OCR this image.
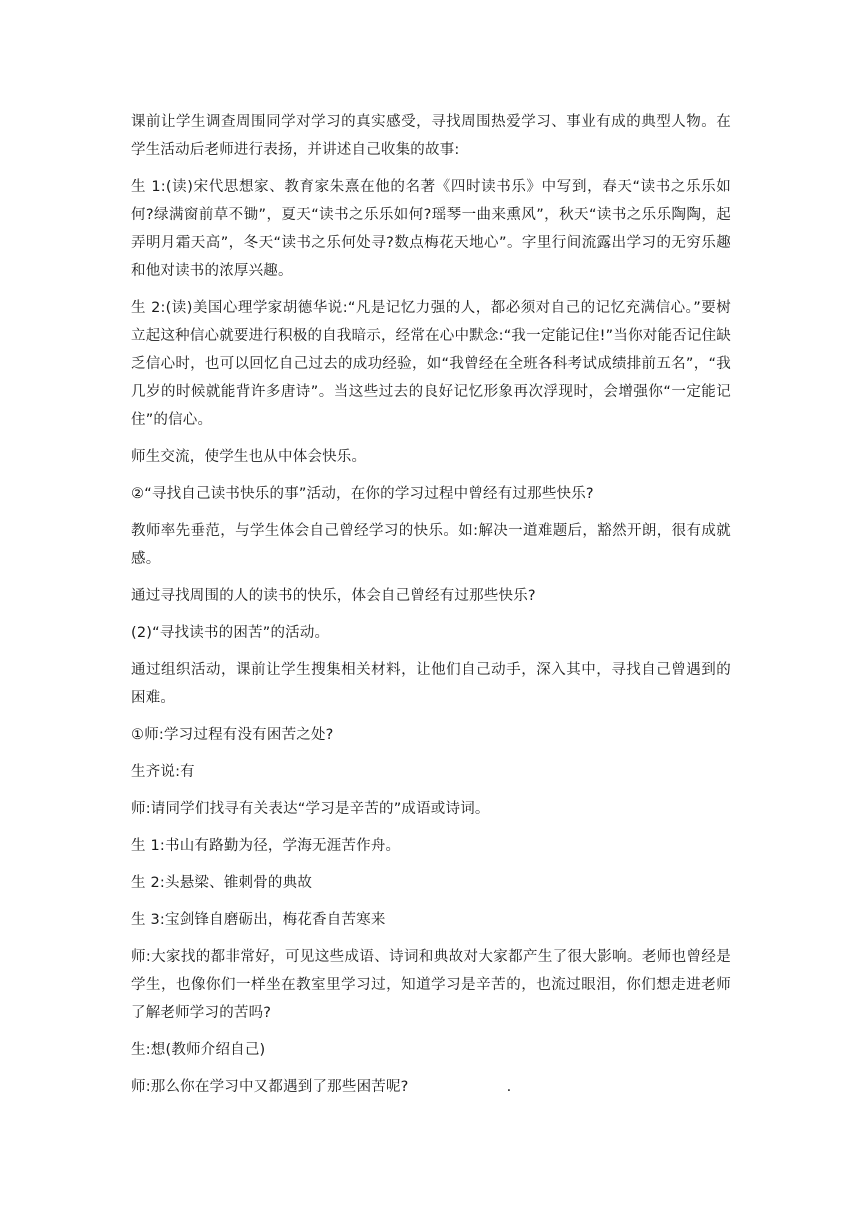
课前让学生调查周围同学对学习的真实感受，寻找周围热爱学习、事业有成的典型人物。在学生活动后老师进行表扬，并讲述自己收集的故事:

生 1:(读)宋代思想家、教育家朱熹在他的名著《四时读书乐》中写到，春天“读书之乐乐如何?绿满窗前草不锄”，夏天“读书之乐乐如何?瑶琴一曲来熏风”，秋天“读书之乐乐陶陶，起弄明月霜天高”，冬天“读书之乐何处寻?数点梅花天地心”。字里行间流露出学习的无穷乐趣和他对读书的浓厚兴趣。

生 2:(读)美国心理学家胡德华说:“凡是记忆力强的人，都必须对自己的记忆充满信心。”要树立起这种信心就要进行积极的自我暗示，经常在心中默念:“我一定能记住!”当你对能否记住缺乏信心时，也可以回忆自己过去的成功经验，如“我曾经在全班各科考试成绩排前五名”，“我几岁的时候就能背许多唐诗”。当这些过去的良好记忆形象再次浮现时，会增强你“一定能记住”的信心。

师生交流，使学生也从中体会快乐。

②“寻找自己读书快乐的事”活动，在你的学习过程中曾经有过那些快乐?

教师率先垂范，与学生体会自己曾经学习的快乐。如:解决一道难题后，豁然开朗，很有成就感。

通过寻找周围的人的读书的快乐，体会自己曾经有过那些快乐?

(2)“寻找读书的困苦”的活动。

通过组织活动，课前让学生搜集相关材料，让他们自己动手，深入其中，寻找自己曾遇到的困难。

①师:学习过程有没有困苦之处?

生齐说:有

师:请同学们找寻有关表达“学习是辛苦的”成语或诗词。

生 1:书山有路勤为径，学海无涯苦作舟。

生 2:头悬梁、锥刺骨的典故

生 3:宝剑锋自磨砺出，梅花香自苦寒来

师:大家找的都非常好，可见这些成语、诗词和典故对大家都产生了很大影响。老师也曾经是学生，也像你们一样坐在教室里学习过，知道学习是辛苦的，也流过眼泪，你们想走进老师了解老师学习的苦吗?

生:想(教师介绍自己)

师:那么你在学习中又都遇到了那些困苦呢?	.
